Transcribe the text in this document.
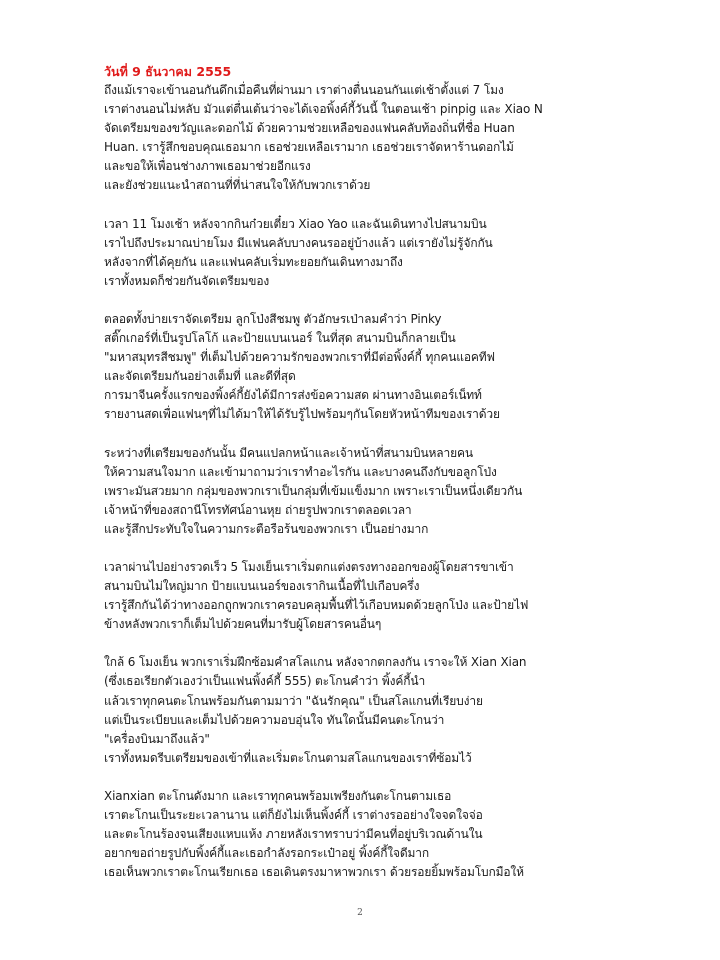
วันที่ 9 ธันวาคม 2555
ถึงแม้เราจะเข้านอนกันดึกเมื่อคืนที่ผ่านมา เราต่างตื่นนอนกันแต่เช้าตั้งแต่ 7 โมง
เราต่างนอนไม่หลับ มัวแต่ตื่นเต้นว่าจะได้เจอพิ้งค์กี้วันนี้ ในตอนเช้า pinpig และ Xiao N
จัดเตรียมของขวัญและดอกไม้ ด้วยความช่วยเหลือของแฟนคลับท้องถิ่นที่ชื่อ Huan
Huan. เรารู้สึกขอบคุณเธอมาก เธอช่วยเหลือเรามาก เธอช่วยเราจัดหาร้านดอกไม้
และขอให้เพื่อนช่างภาพเธอมาช่วยอีกแรง
และยังช่วยแนะนำสถานที่ที่น่าสนใจให้กับพวกเราด้วย
เวลา 11 โมงเช้า หลังจากกินก๋วยเตี๋ยว Xiao Yao และฉันเดินทางไปสนามบิน
เราไปถึงประมาณบ่ายโมง มีแฟนคลับบางคนรออยู่บ้างแล้ว แต่เรายังไม่รู้จักกัน
หลังจากที่ได้คุยกัน และแฟนคลับเริ่มทะยอยกันเดินทางมาถึง
เราทั้งหมดก็ช่วยกันจัดเตรียมของ
ตลอดทั้งบ่ายเราจัดเตรียม ลูกโป่งสีชมพู ตัวอักษรเป่าลมคำว่า Pinky
สติ๊กเกอร์ที่เป็นรูปโลโก้ และป้ายแบนเนอร์ ในที่สุด สนามบินก็กลายเป็น
"มหาสมุทรสีชมพู" ที่เต็มไปด้วยความรักของพวกเราที่มีต่อพิ้งค์กี้ ทุกคนแอคทีฟ
และจัดเตรียมกันอย่างเต็มที่ และดีที่สุด
การมาจีนครั้งแรกของพิ้งค์กี้ยังได้มีการส่งข้อความสด ผ่านทางอินเตอร์เน็ทท์
รายงานสดเพื่อแฟนๆที่ไม่ได้มาให้ได้รับรู้ไปพร้อมๆกันโดยหัวหน้าทีมของเราด้วย
ระหว่างที่เตรียมของกันนั้น มีคนแปลกหน้าและเจ้าหน้าที่สนามบินหลายคน
ให้ความสนใจมาก และเข้ามาถามว่าเราทำอะไรกัน และบางคนถึงกับขอลูกโป่ง
เพราะมันสวยมาก กลุ่มของพวกเราเป็นกลุ่มที่เข้มแข็งมาก เพราะเราเป็นหนึ่งเดียวกัน
เจ้าหน้าที่ของสถานีโทรทัศน์อานหุย ถ่ายรูปพวกเราตลอดเวลา
และรู้สึกประทับใจในความกระตือรือร้นของพวกเรา เป็นอย่างมาก
เวลาผ่านไปอย่างรวดเร็ว 5 โมงเย็นเราเริ่มตกแต่งตรงทางออกของผู้โดยสารขาเข้า
สนามบินไม่ใหญ่มาก ป้ายแบนเนอร์ของเรากินเนื้อที่ไปเกือบครึ่ง
เรารู้สึกกันได้ว่าทางออกถูกพวกเราครอบคลุมพื้นที่ไว้เกือบหมดด้วยลูกโป่ง และป้ายไฟ
ข้างหลังพวกเราก็เต็มไปด้วยคนที่มารับผู้โดยสารคนอื่นๆ
ใกล้ 6 โมงเย็น พวกเราเริ่มฝึกซ้อมคำสโลแกน หลังจากตกลงกัน เราจะให้ Xian Xian
(ซึ่งเธอเรียกตัวเองว่าเป็นแฟนพิ้งค์กี้ 555) ตะโกนคำว่า พิ้งค์กี้นำ
แล้วเราทุกคนตะโกนพร้อมกันตามมาว่า "ฉันรักคุณ" เป็นสโลแกนที่เรียบง่าย
แต่เป็นระเบียบและเต็มไปด้วยความอบอุ่นใจ ทันใดนั้นมีคนตะโกนว่า
"เครื่องบินมาถึงแล้ว"
เราทั้งหมดรีบเตรียมของเข้าที่และเริ่มตะโกนตามสโลแกนของเราที่ซ้อมไว้
Xianxian ตะโกนดังมาก และเราทุกคนพร้อมเพรียงกันตะโกนตามเธอ
เราตะโกนเป็นระยะเวลานาน แต่ก็ยังไม่เห็นพิ้งค์กี้ เราต่างรออย่างใจจดใจจ่อ
และตะโกนร้องจนเสียงแหบแห้ง ภายหลังเราทราบว่ามีคนที่อยู่บริเวณด้านใน
อยากขอถ่ายรูปกับพิ้งค์กี้และเธอกำลังรอกระเป๋าอยู่ พิ้งค์กี้ใจดีมาก
เธอเห็นพวกเราตะโกนเรียกเธอ เธอเดินตรงมาหาพวกเรา ด้วยรอยยิ้มพร้อมโบกมือให้
2
